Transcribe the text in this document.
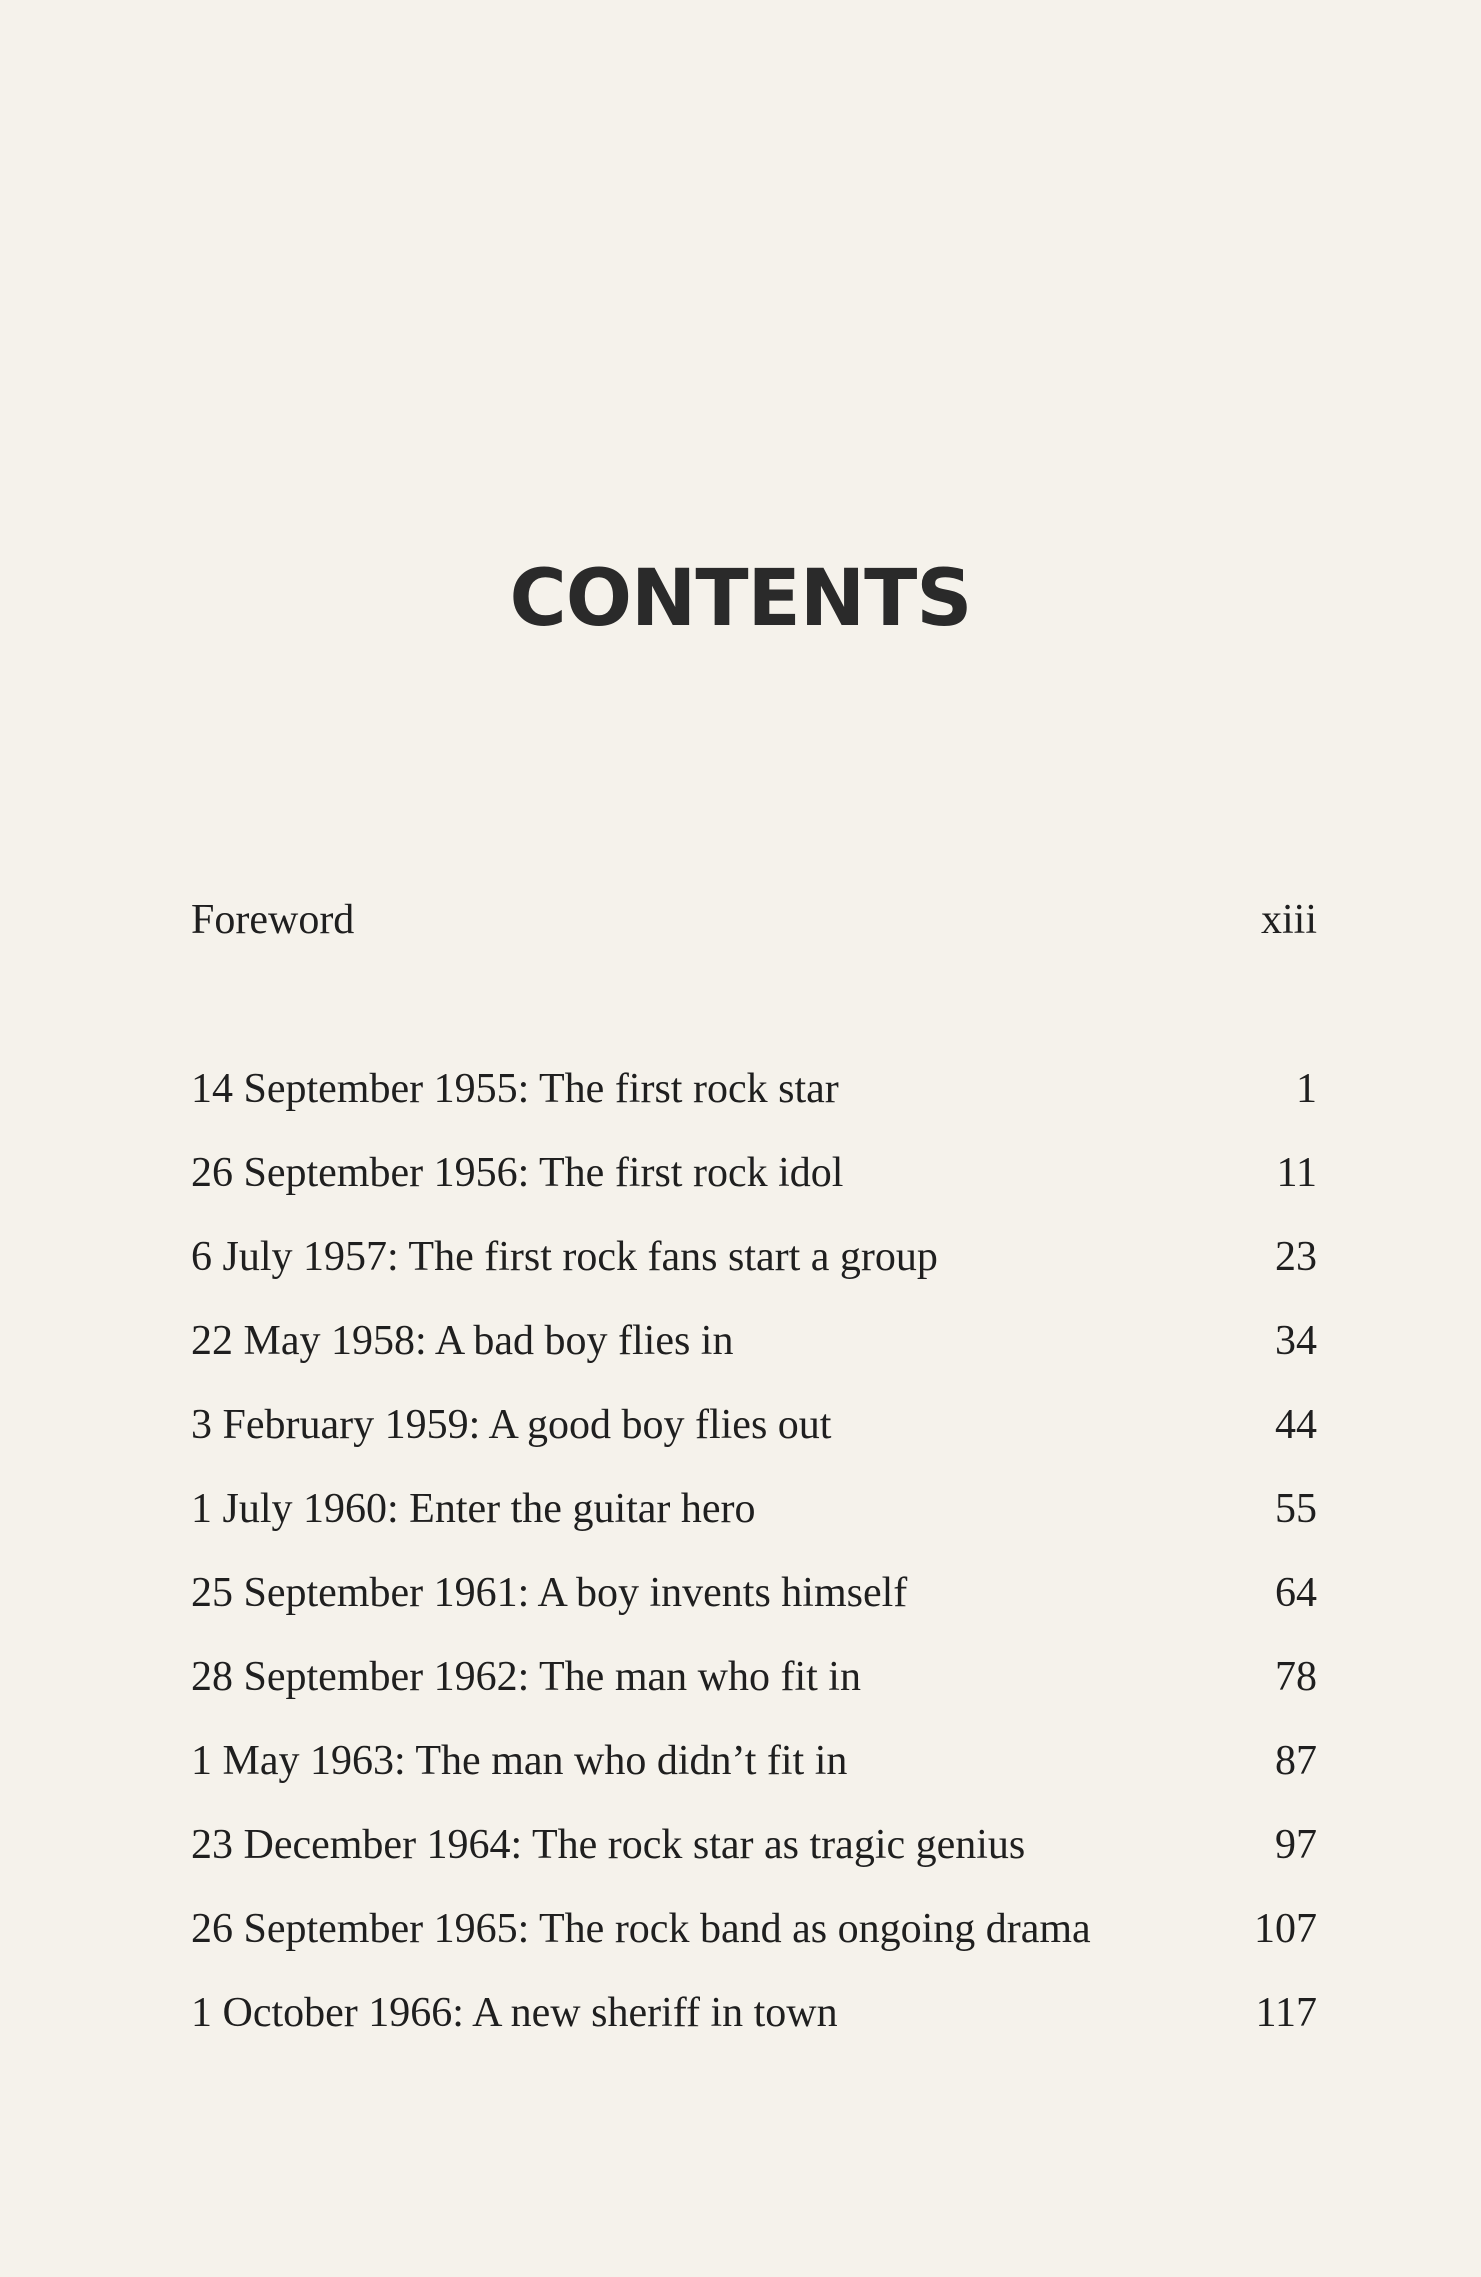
CONTENTS
Foreword	xiii
14 September 1955: The first rock star	1
26 September 1956: The first rock idol	11
6 July 1957: The first rock fans start a group	23
22 May 1958: A bad boy flies in	34
3 February 1959: A good boy flies out	44
1 July 1960: Enter the guitar hero	55
25 September 1961: A boy invents himself	64
28 September 1962: The man who fit in	78
1 May 1963: The man who didn’t fit in	87
23 December 1964: The rock star as tragic genius	97
26 September 1965: The rock band as ongoing drama	107
1 October 1966: A new sheriff in town	117
